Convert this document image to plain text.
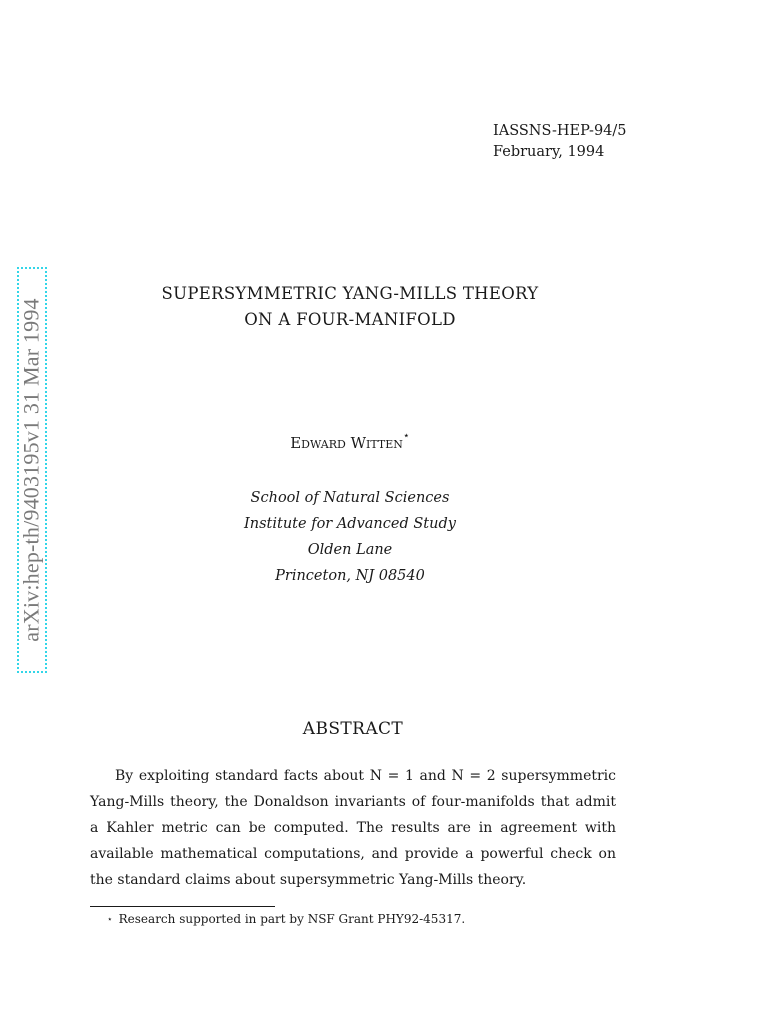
arXiv:hep-th/9403195v1 31 Mar 1994
IASSNS-HEP-94/5
February, 1994
SUPERSYMMETRIC YANG-MILLS THEORY
ON A FOUR-MANIFOLD
Edward Witten⋆
School of Natural Sciences
Institute for Advanced Study
Olden Lane
Princeton, NJ 08540
ABSTRACT

By exploiting standard facts about N = 1 and N = 2 supersymmetric Yang-Mills theory, the Donaldson invariants of four-manifolds that admit a Kahler metric can be computed. The results are in agreement with available mathematical computations, and provide a powerful check on the standard claims about supersymmetric Yang-Mills theory.

⋆ Research supported in part by NSF Grant PHY92-45317.
